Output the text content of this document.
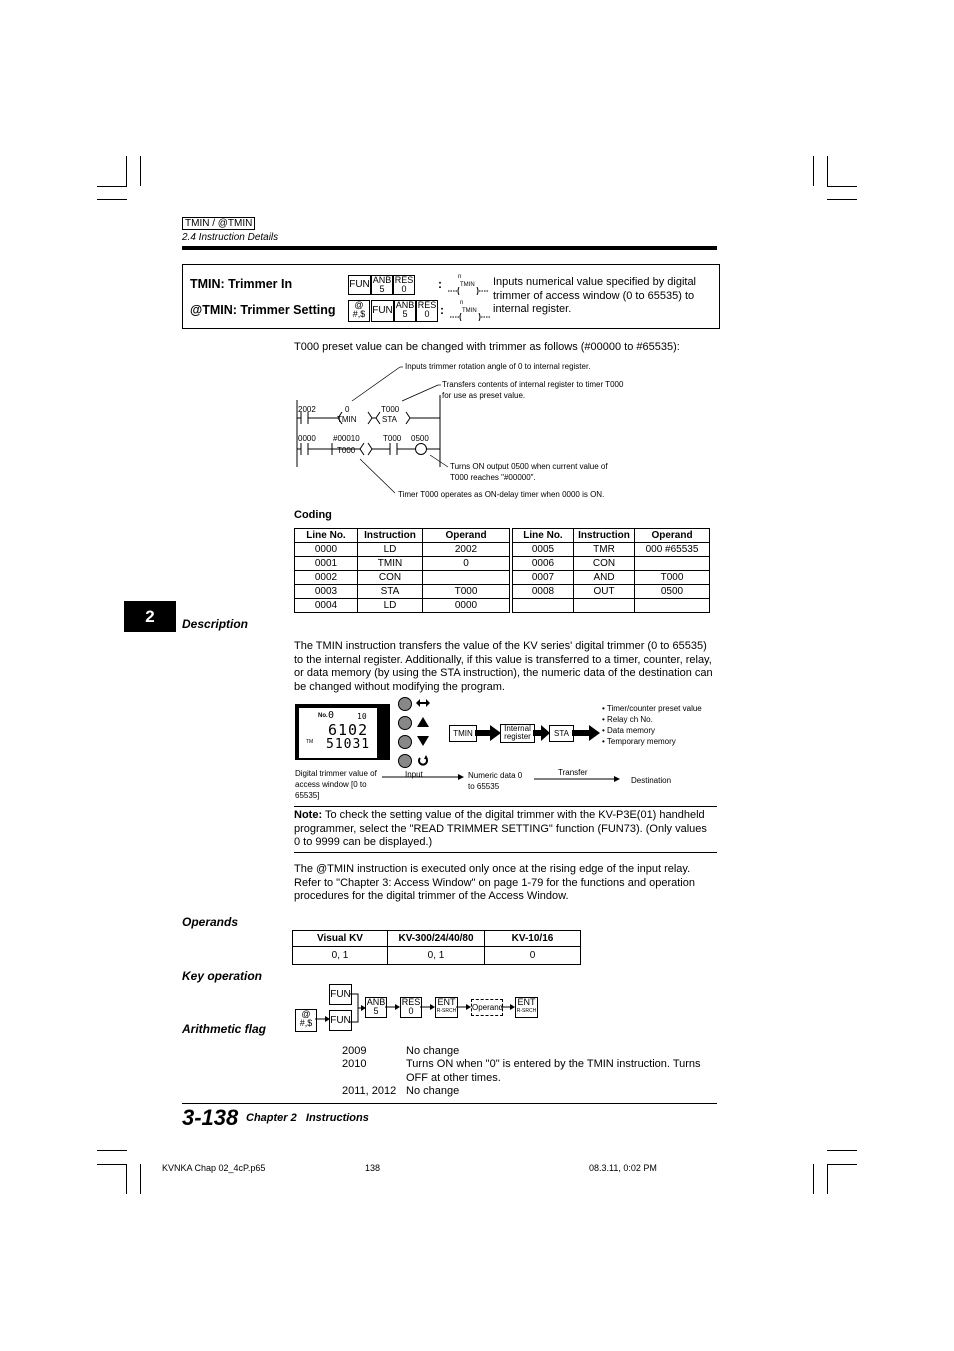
TMIN / @TMIN
2.4 Instruction Details
TMIN: Trimmer In
@TMIN: Trimmer Setting
FUN ANB
5
RES
0	:	n
TMIN
@
#,$ FUN ANB
5
RES
0 :	n
TMIN
Inputs numerical value specified by digital trimmer of access window (0 to 65535) to internal register.
T000 preset value can be changed with trimmer as follows (#00000 to #65535):
Inputs trimmer rotation angle of 0 to internal register.
Transfers contents of internal register to timer T000
for use as preset value.
2002	0
TMIN
T000
STA
0000 #00010
T000
T000 0500
Turns ON output 0500 when current value of
T000 reaches "#00000".
Timer T000 operates as ON-delay timer when 0000 is ON.
Coding
Line No.	Instruction	Operand
0000	LD	2002
0001	TMIN	0
0002	CON	
0003	STA	T000
0004	LD	0000
Line No.	Instruction	Operand
0005	TMR	000 #65535
0006	CON	
0007	AND	T000
0008	OUT	0500

2	Description
The TMIN instruction transfers the value of the KV series' digital trimmer (0 to 65535) to the internal register. Additionally, if this value is transferred to a timer, counter, relay, or data memory (by using the STA instruction), the numeric data of the destination can be changed without modifying the program.
No. 0	10
6102
TM 51031
TMIN
Internal register	STA
• Timer/counter preset value
• Relay ch No.
• Data memory
• Temporary memory
Digital trimmer value of access window [0 to 65535]
Input	Numeric data 0 to 65535
Transfer
Destination
Note: To check the setting value of the digital trimmer with the KV-P3E(01) handheld programmer, select the "READ TRIMMER SETTING" function (FUN73). (Only values 0 to 9999 can be displayed.)
The @TMIN instruction is executed only once at the rising edge of the input relay. Refer to "Chapter 3: Access Window" on page 1-79 for the functions and operation procedures for the digital trimmer of the Access Window.
Operands
Visual KV	KV-300/24/40/80	KV-10/16
0, 1	0, 1	0
Key operation
FUN
@
#,$	FUN
ANB
5
RES
0
ENT
R-SRCH Operand
ENT
R-SRCH
Arithmetic flag
2009	No change
2010	Turns ON when "0" is entered by the TMIN instruction. Turns OFF at other times.
2011, 2012 No change
3-138 Chapter 2   Instructions
KVNKA Chap 02_4cP.p65	138	08.3.11, 0:02 PM
